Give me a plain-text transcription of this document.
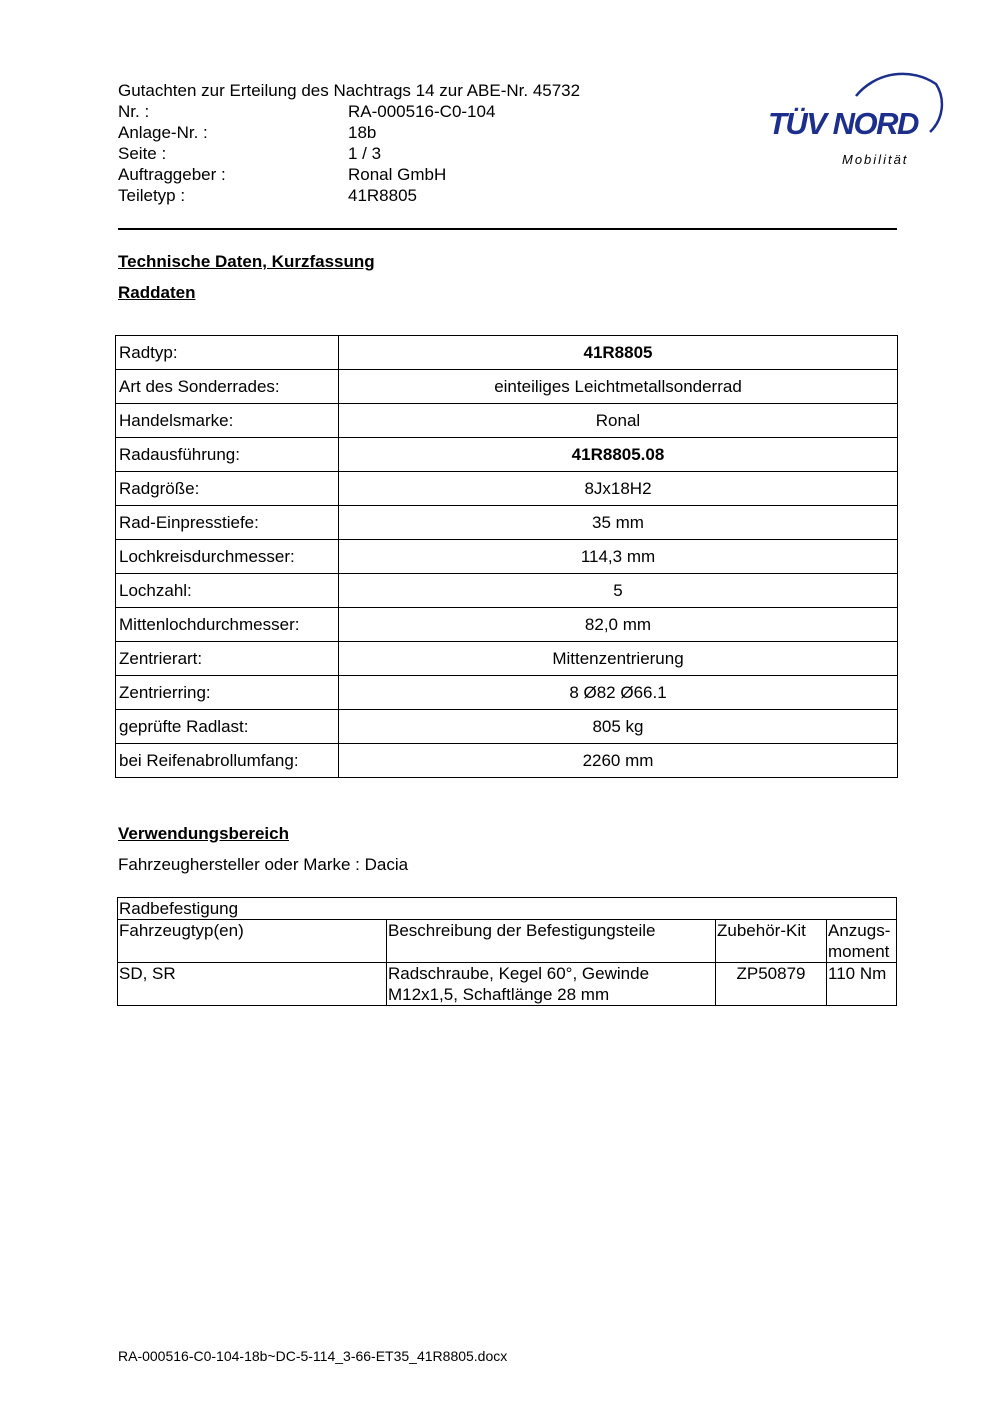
Gutachten zur Erteilung des Nachtrags 14 zur ABE-Nr. 45732
Nr. :	RA-000516-C0-104
Anlage-Nr. :	18b
Seite :	1 / 3
Auftraggeber :	Ronal GmbH
Teiletyp :	41R8805
TÜV NORD
Mobilität
Technische Daten, Kurzfassung
Raddaten
Radtyp:	41R8805
Art des Sonderrades:	einteiliges Leichtmetallsonderrad
Handelsmarke:	Ronal
Radausführung:	41R8805.08
Radgröße:	8Jx18H2
Rad-Einpresstiefe:	35 mm
Lochkreisdurchmesser:	114,3 mm
Lochzahl:	5
Mittenlochdurchmesser:	82,0 mm
Zentrierart:	Mittenzentrierung
Zentrierring:	8 Ø82 Ø66.1
geprüfte Radlast:	805 kg
bei Reifenabrollumfang:	2260 mm
Verwendungsbereich
Fahrzeughersteller oder Marke : Dacia
Radbefestigung			
Fahrzeugtyp(en)	Beschreibung der Befestigungsteile	Zubehör-Kit	Anzugs-moment
SD, SR	Radschraube, Kegel 60°, Gewinde M12x1,5, Schaftlänge 28 mm	ZP50879	110 Nm
RA-000516-C0-104-18b~DC-5-114_3-66-ET35_41R8805.docx
